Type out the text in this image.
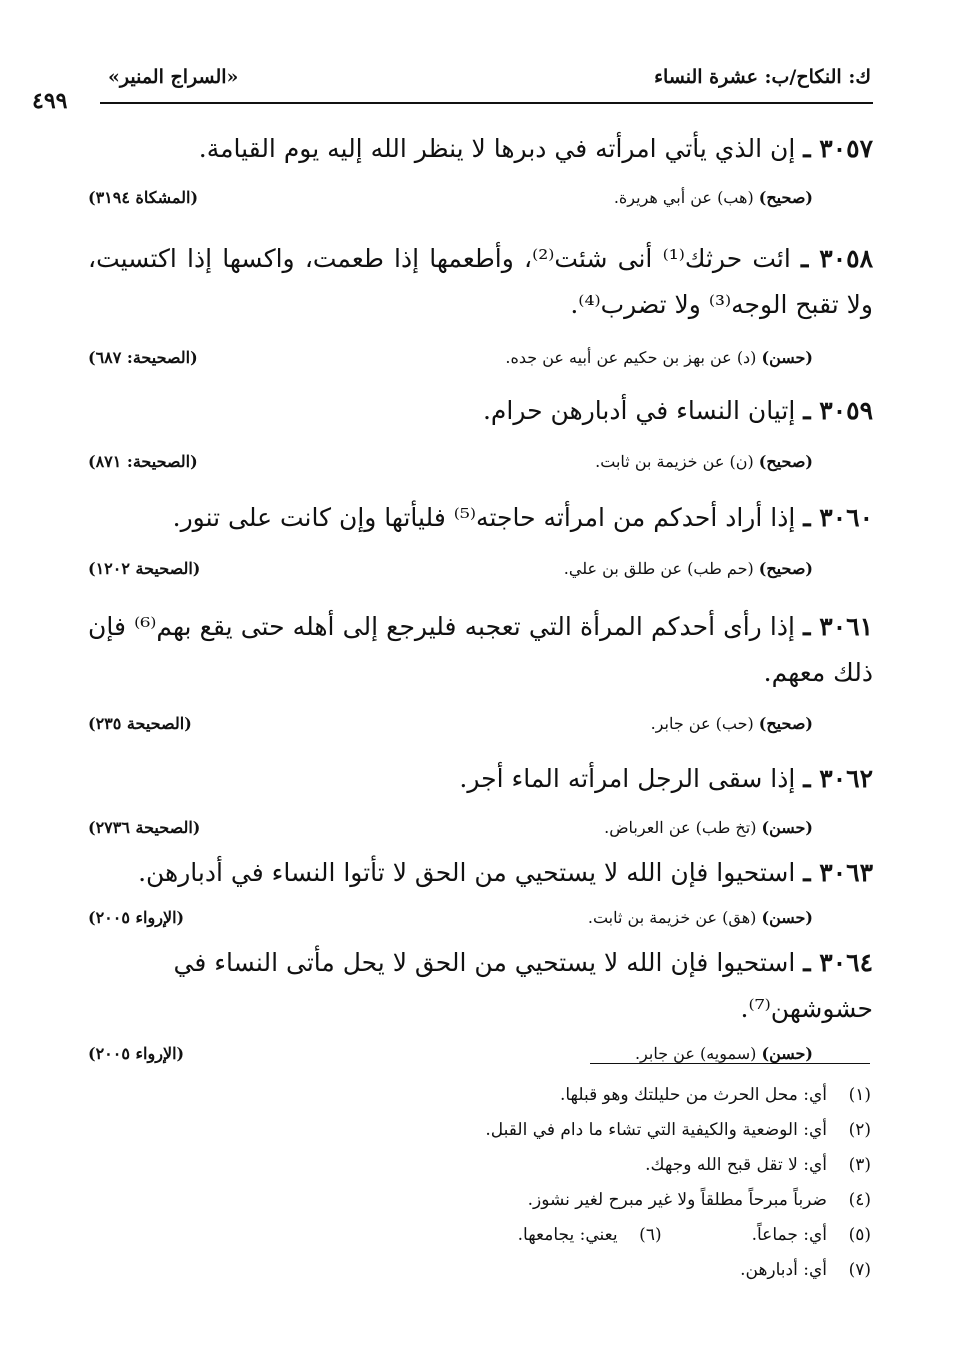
ك: النكاح/ب: عشرة النساء
«السراج المنير»
٤٩٩
٣٠٥٧ ـ إن الذي يأتي امرأته في دبرها لا ينظر الله إليه يوم القيامة.
(صحيح) (هب) عن أبي هريرة.
(المشكاة ٣١٩٤)
٣٠٥٨ ـ ائت حرثك⁽¹⁾ أنى شئت⁽²⁾، وأطعمها إذا طعمت، واكسها إذا اكتسيت، ولا تقبح الوجه⁽³⁾ ولا تضرب⁽⁴⁾.
(حسن) (د) عن بهز بن حكيم عن أبيه عن جده.
(الصحيحة: ٦٨٧)
٣٠٥٩ ـ إتيان النساء في أدبارهن حرام.
(صحيح) (ن) عن خزيمة بن ثابت.
(الصحيحة: ٨٧١)
٣٠٦٠ ـ إذا أراد أحدكم من امرأته حاجته⁽⁵⁾ فليأتها وإن كانت على تنور.
(صحيح) (حم طب) عن طلق بن علي.
(الصحيحة ١٢٠٢)
٣٠٦١ ـ إذا رأى أحدكم المرأة التي تعجبه فليرجع إلى أهله حتى يقع بهم⁽⁶⁾ فإن ذلك معهم.
(صحيح) (حب) عن جابر.
(الصحيحة ٢٣٥)
٣٠٦٢ ـ إذا سقى الرجل امرأته الماء أجر.
(حسن) (تخ طب) عن العرباض.
(الصحيحة ٢٧٣٦)
٣٠٦٣ ـ استحيوا فإن الله لا يستحيي من الحق لا تأتوا النساء في أدبارهن.
(حسن) (هق) عن خزيمة بن ثابت.
(الإرواء ٢٠٠٥)
٣٠٦٤ ـ استحيوا فإن الله لا يستحيي من الحق لا يحل مأتى النساء في حشوشهن⁽⁷⁾.
(حسن) (سمويه) عن جابر.
(الإرواء ٢٠٠٥)
(١)أي: محل الحرث من حليلتك وهو قبلها.
(٢)أي: الوضعية والكيفية التي تشاء ما دام في القبل.
(٣)أي: لا تقل قبح الله وجهك.
(٤)ضرباً مبرحاً مطلقاً ولا غير مبرح لغير نشوز.
(٥)أي: جماعاً.(٦)يعني: يجامعها.
(٧)أي: أدبارهن.
